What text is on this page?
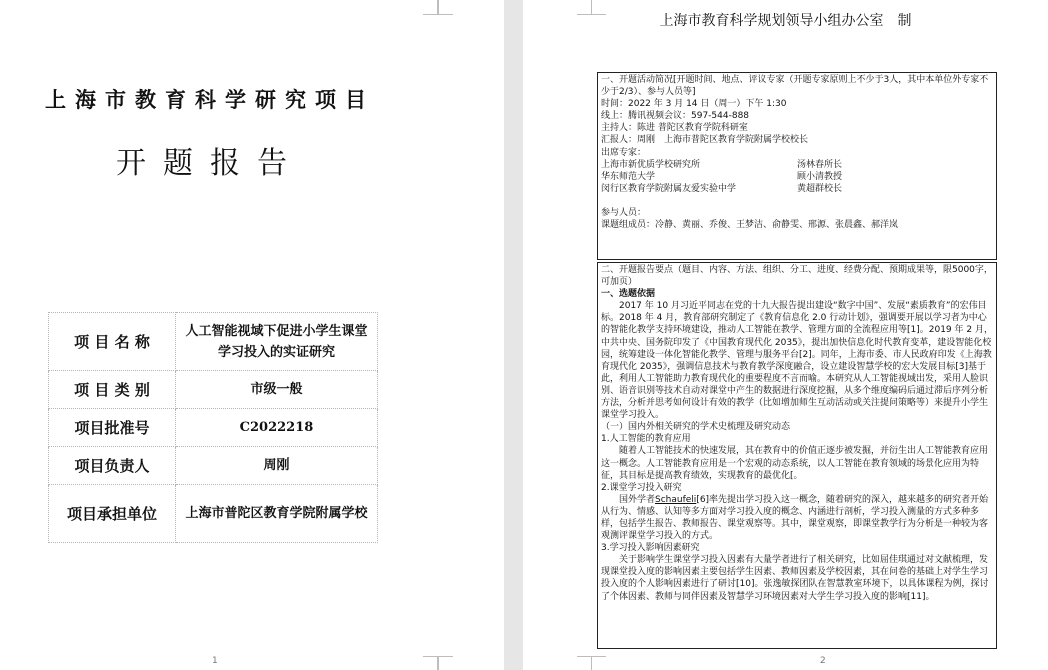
上海市教育科学研究项目
开题报告
项 目 名 称	人工智能视域下促进小学生课堂学习投入的实证研究
项 目 类 别	市级一般
项目批准号	C2022218
项目负责人	周刚
项目承担单位	上海市普陀区教育学院附属学校
1
上海市教育科学规划领导小组办公室　制

一、开题活动简况[开题时间、地点、评议专家（开题专家原则上不少于3人，其中本单位外专家不少于2/3）、参与人员等]

时间：2022 年 3 月 14 日（周一）下午 1:30

线上：腾讯视频会议：597-544-888

主持人：陈进 普陀区教育学院科研室

汇报人：周刚　上海市普陀区教育学院附属学校校长

出席专家：

上海市新优质学校研究所	汤林春所长
华东师范大学	顾小清教授
闵行区教育学院附属友爱实验中学	黄超群校长

参与人员：

课题组成员：冷静、黄丽、乔俊、王梦洁、俞静雯、邢源、张晨鑫、郝洋岚

二、开题报告要点（题目、内容、方法、组织、分工、进度、经费分配、预期成果等，限5000字，可加页）

一、选题依据

2017 年 10 月习近平同志在党的十九大报告提出建设“数字中国”、发展“素质教育”的宏伟目标。2018 年 4 月，教育部研究制定了《教育信息化 2.0 行动计划》，强调要开展以学习者为中心的智能化教学支持环境建设，推动人工智能在教学、管理方面的全流程应用等[1]。2019 年 2 月，中共中央、国务院印发了《中国教育现代化 2035》，提出加快信息化时代教育变革，建设智能化校园，统筹建设一体化智能化教学、管理与服务平台[2]。同年，上海市委、市人民政府印发《上海教育现代化 2035》，强调信息技术与教育教学深度融合，设立建设智慧学校的宏大发展目标[3]基于此，利用人工智能助力教育现代化的重要程度不言而喻。本研究从人工智能视域出发，采用人脸识别、语音识别等技术自动对课堂中产生的数据进行深度挖掘，从多个维度编码后通过滞后序列分析方法，分析并思考如何设计有效的教学（比如增加师生互动活动或关注提问策略等）来提升小学生课堂学习投入。

（一）国内外相关研究的学术史梳理及研究动态

1.人工智能的教育应用

随着人工智能技术的快速发展，其在教育中的价值正逐步被发掘，并衍生出人工智能教育应用这一概念。人工智能教育应用是一个宏观的动态系统，以人工智能在教育领域的场景化应用为特征，其目标是提高教育绩效，实现教育的最优化[。

2.课堂学习投入研究

国外学者Schaufeli[6]率先提出学习投入这一概念，随着研究的深入，越来越多的研究者开始从行为、情感、认知等多方面对学习投入度的概念、内涵进行剖析，学习投入测量的方式多种多样，包括学生报告、教师报告、课堂观察等。其中，课堂观察，即课堂教学行为分析是一种较为客观测评课堂学习投入的方式。

3.学习投入影响因素研究

关于影响学生课堂学习投入因素有大量学者进行了相关研究，比如屈佳琪通过对文献梳理，发现课堂投入度的影响因素主要包括学生因素、教师因素及学校因素，其在问卷的基础上对学生学习投入度的个人影响因素进行了研讨[10]。张逸敏探团队在智慧教室环境下，以具体课程为例，探讨了个体因素、教师与同伴因素及智慧学习环境因素对大学生学习投入度的影响[11]。

2
